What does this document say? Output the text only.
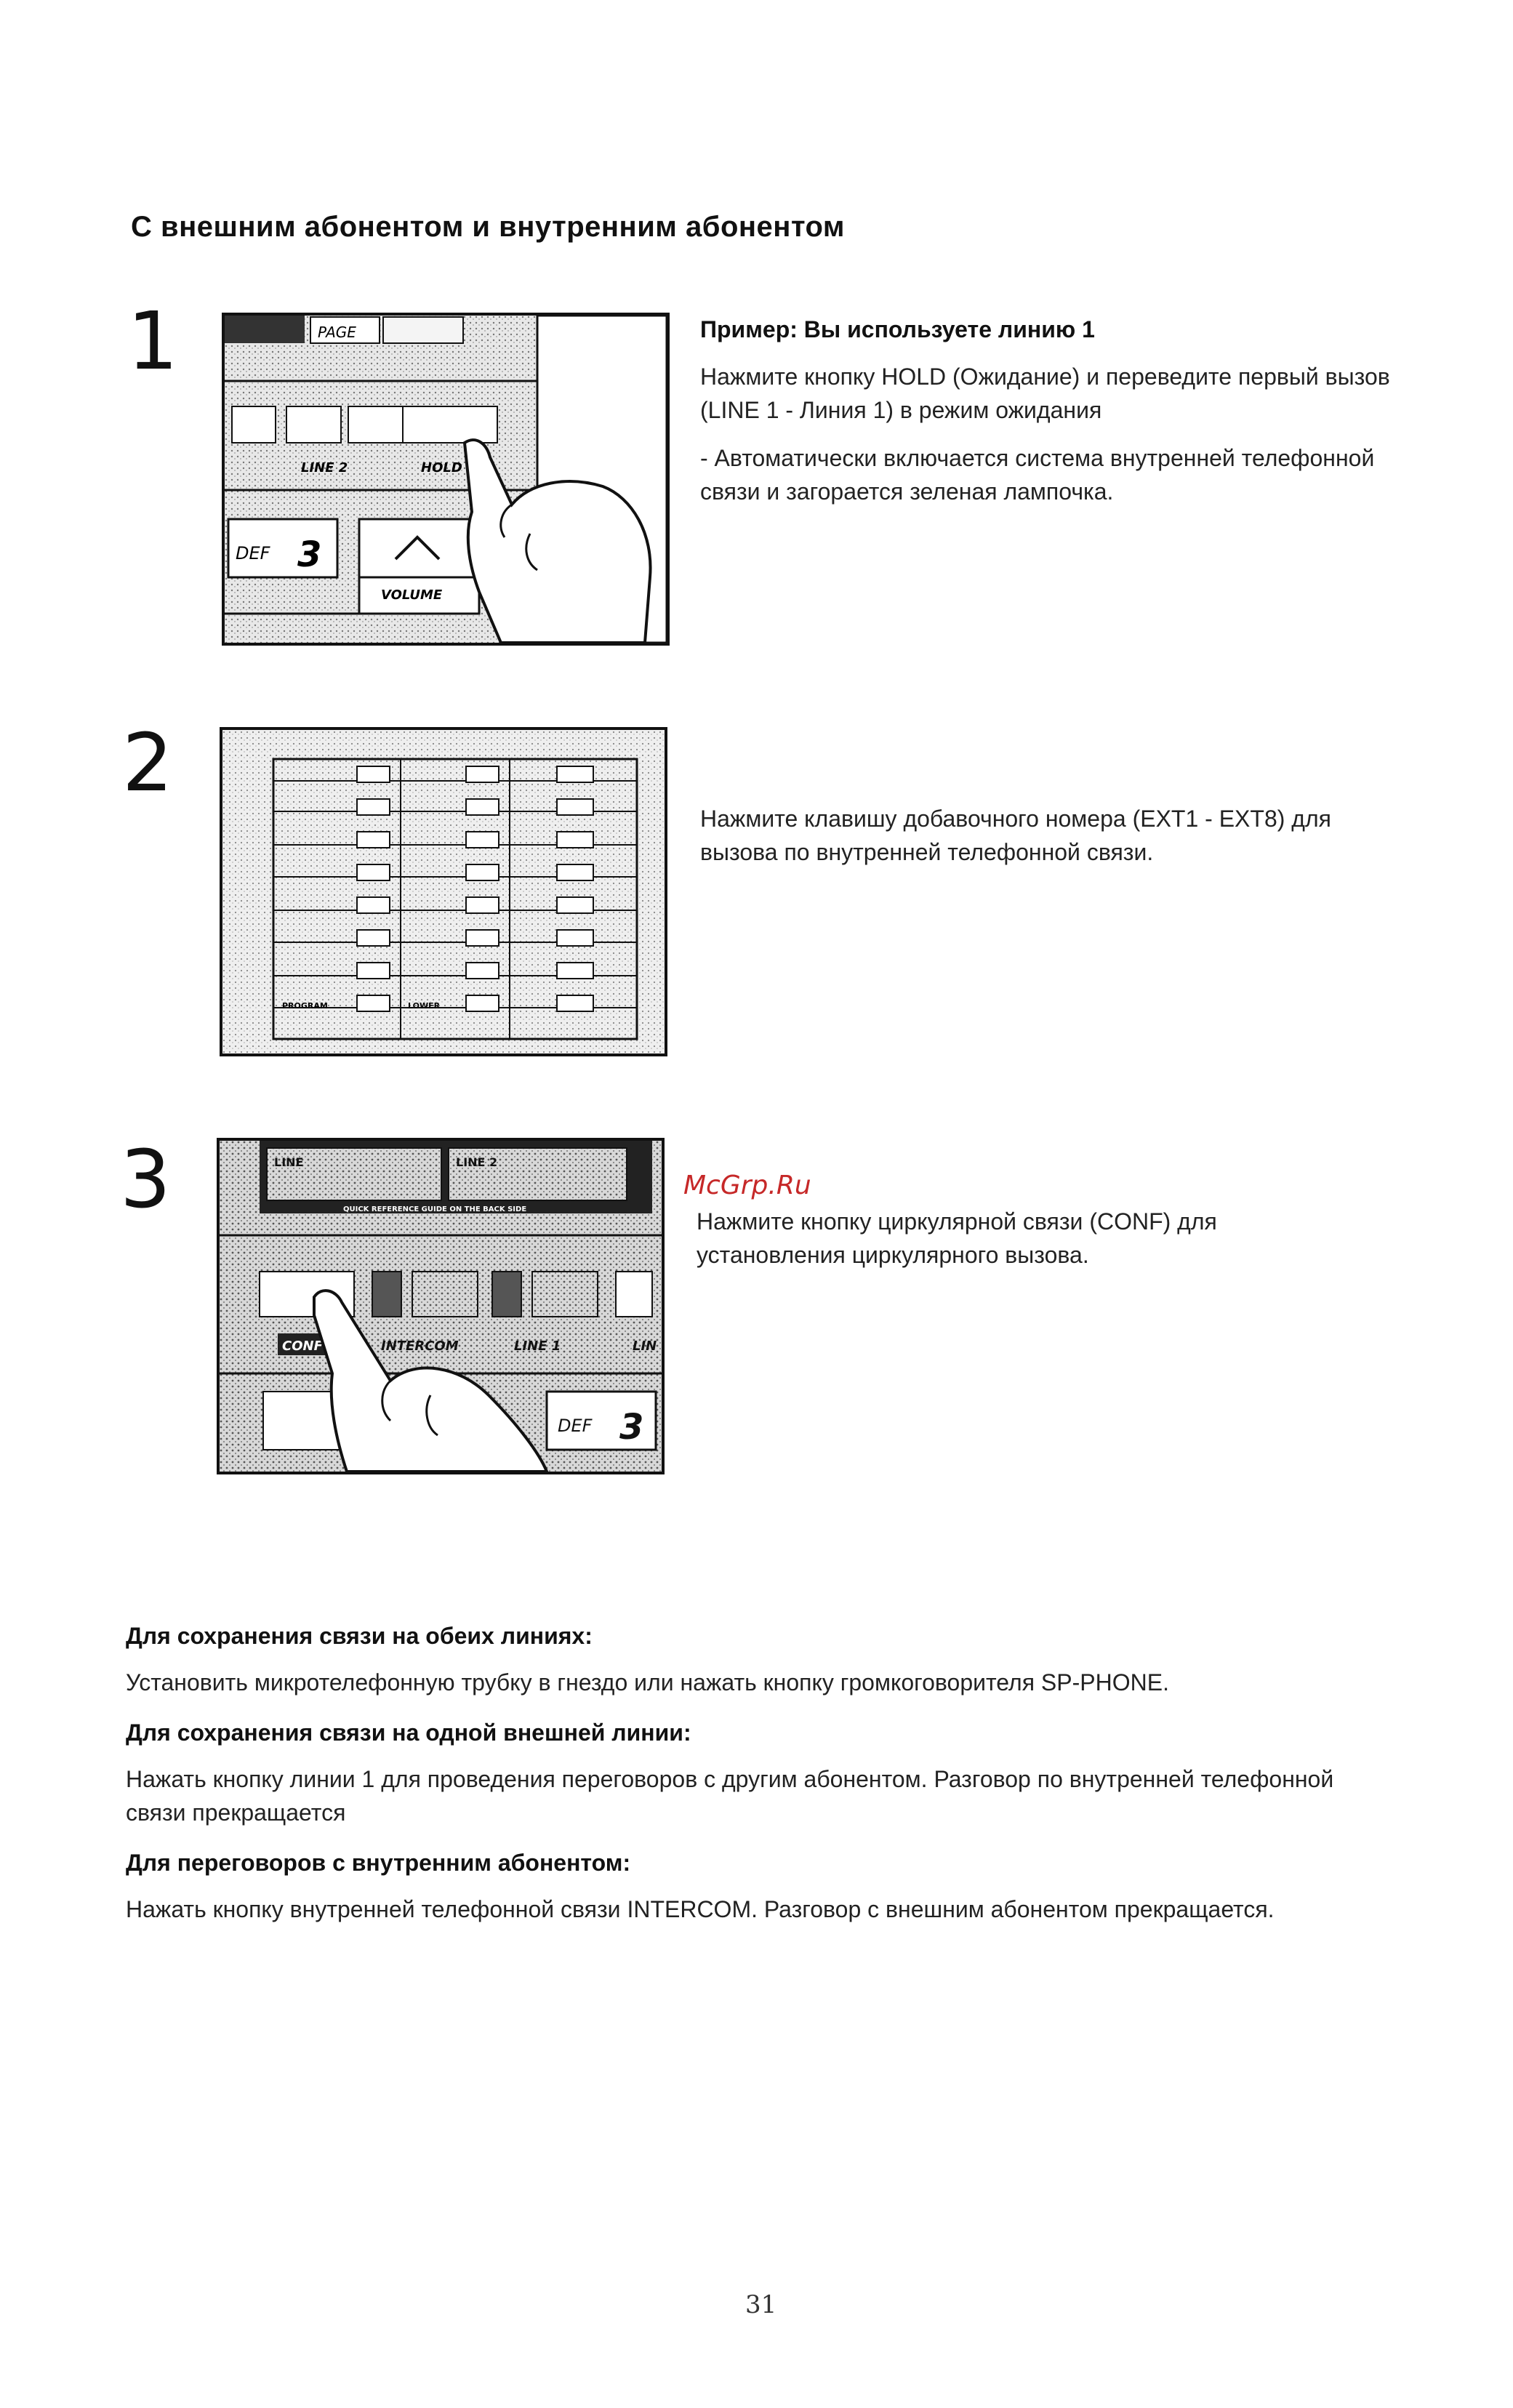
С внешним абонентом и внутренним абонентом
1	PAGE
LINE 2	HOLD
DEF 3
VOLUME
Пример: Вы используете линию 1

Нажмите кнопку HOLD (Ожидание) и переведите первый вызов (LINE 1 - Линия 1) в режим ожидания

- Автоматически включается система внутренней телефонной связи и загорается зеленая лампочка.

2
PROGRAM	LOWER

Нажмите клавишу добавочного номера (EXT1 - EXT8) для вызова по внутренней телефонной связи.

3	LINE	LINE 2
QUICK REFERENCE GUIDE ON THE BACK SIDE
CONF	INTERCOM	LINE 1	LIN
DEF 3
McGrp.Ru

Нажмите кнопку циркулярной связи (CONF) для установления циркулярного вызова.

Для сохранения связи на обеих линиях:
Установить микротелефонную трубку в гнездо или нажать кнопку громкоговорителя SP-PHONE.
Для сохранения связи на одной внешней линии:
Нажать кнопку линии 1 для проведения переговоров с другим абонентом. Разговор по внутренней телефонной связи прекращается
Для переговоров с внутренним абонентом:
Нажать кнопку внутренней телефонной связи INTERCOM. Разговор с внешним абонентом прекращается.
31
